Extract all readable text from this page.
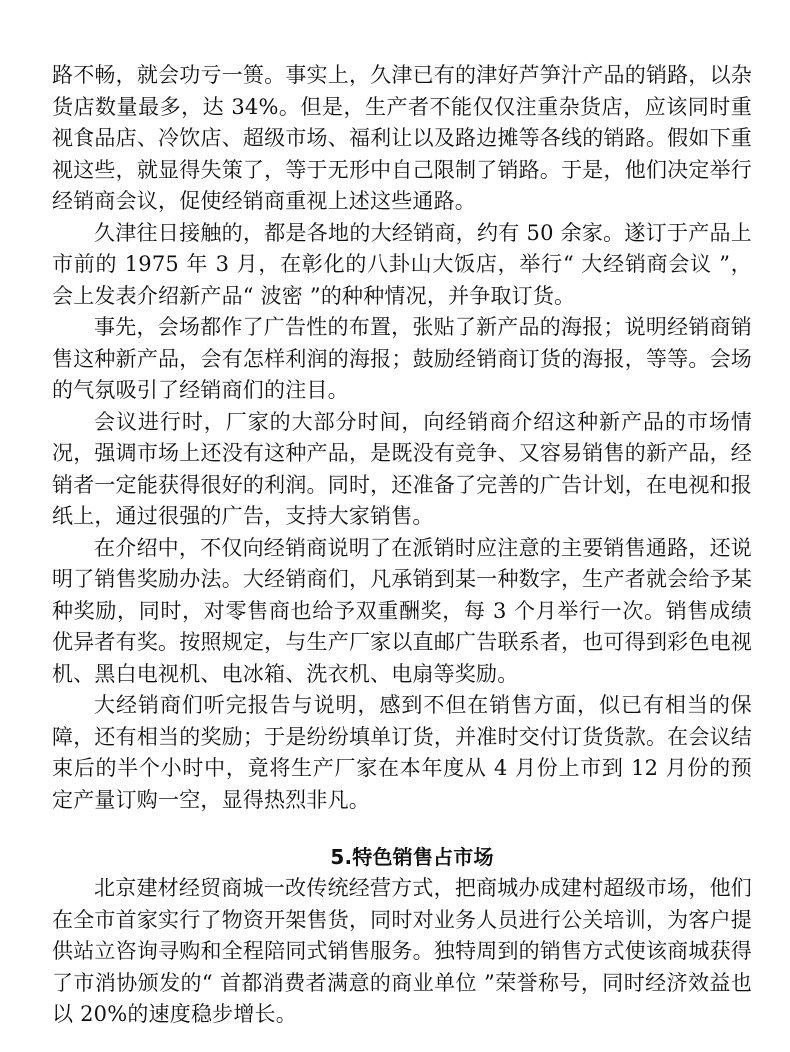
路不畅，就会功亏一篑。事实上，久津已有的津好芦笋汁产品的销路，以杂货店数量最多，达 34%。但是，生产者不能仅仅注重杂货店，应该同时重视食品店、冷饮店、超级市场、福利让以及路边摊等各线的销路。假如下重视这些，就显得失策了，等于无形中自己限制了销路。于是，他们决定举行经销商会议，促使经销商重视上述这些通路。

久津往日接触的，都是各地的大经销商，约有 50 余家。遂订于产品上市前的 1975 年 3 月，在彰化的八卦山大饭店，举行“ 大经销商会议 ”，会上发表介绍新产品“ 波密 ”的种种情况，并争取订货。

事先，会场都作了广告性的布置，张贴了新产品的海报；说明经销商销售这种新产品，会有怎样利润的海报；鼓励经销商订货的海报，等等。会场的气氛吸引了经销商们的注目。

会议进行时，厂家的大部分时间，向经销商介绍这种新产品的市场情况，强调市场上还没有这种产品，是既没有竞争、又容易销售的新产品，经销者一定能获得很好的利润。同时，还准备了完善的广告计划，在电视和报纸上，通过很强的广告，支持大家销售。

在介绍中，不仅向经销商说明了在派销时应注意的主要销售通路，还说明了销售奖励办法。大经销商们，凡承销到某一种数字，生产者就会给予某种奖励，同时，对零售商也给予双重酬奖，每 3 个月举行一次。销售成绩优异者有奖。按照规定，与生产厂家以直邮广告联系者，也可得到彩色电视机、黑白电视机、电冰箱、洗衣机、电扇等奖励。

大经销商们听完报告与说明，感到不但在销售方面，似已有相当的保障，还有相当的奖励；于是纷纷填单订货，并准时交付订货货款。在会议结束后的半个小时中，竟将生产厂家在本年度从 4 月份上市到 12 月份的预定产量订购一空，显得热烈非凡。

5.特色销售占市场

北京建材经贸商城一改传统经营方式，把商城办成建村超级市场，他们在全市首家实行了物资开架售货，同时对业务人员进行公关培训，为客户提供站立咨询寻购和全程陪同式销售服务。独特周到的销售方式使该商城获得了市消协颁发的“ 首都消费者满意的商业单位 ”荣誉称号，同时经济效益也以 20%的速度稳步增长。
